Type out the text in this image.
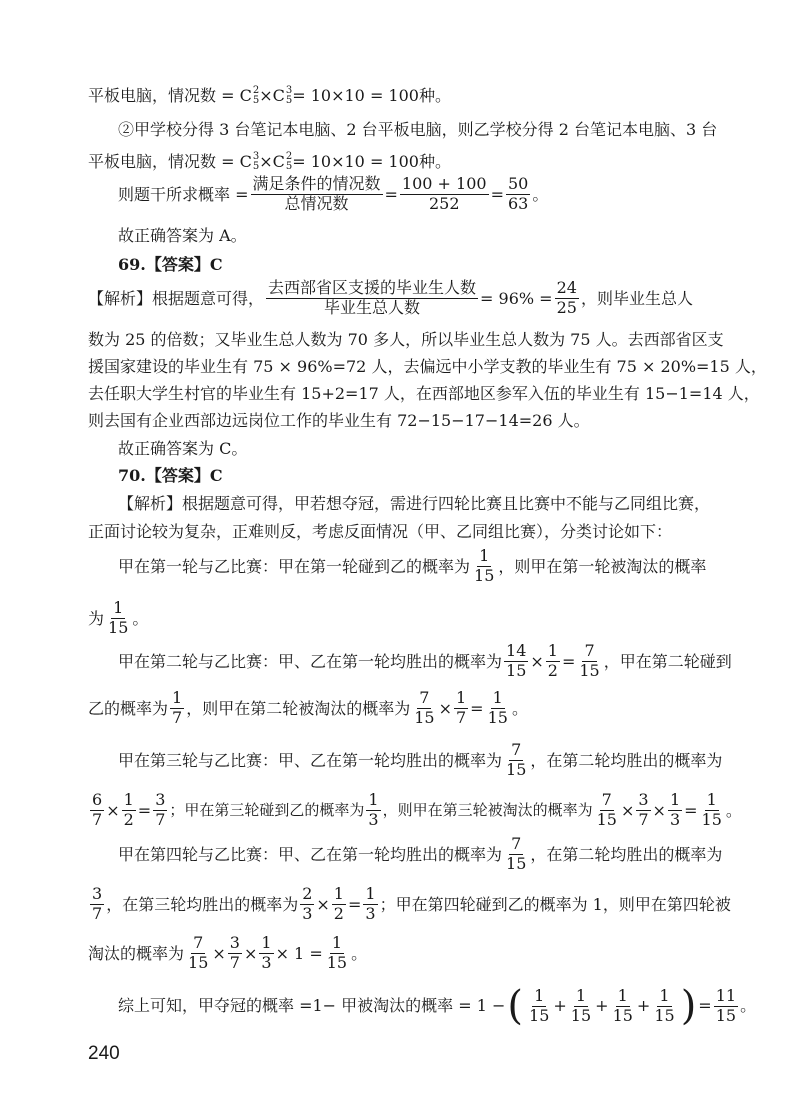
平板电脑，情况数 = C 2
5 ×C 3
5 = 10×10 = 100种。
②甲学校分得 3 台笔记本电脑、2 台平板电脑，则乙学校分得 2 台笔记本电脑、3 台
平板电脑，情况数 = C 3
5 ×C 2
5 = 10×10 = 100种。
则题干所求概率 = $\frac{\text{满足条件的情况数}}{\text{总情况数}} = \frac{100 + 100}{252} = \frac{50}{63}$ 。
故正确答案为 A。
69.【答案】C
【解析】根据题意可得， $\frac{\text{去西部省区支援的毕业生人数}}{\text{毕业生总人数}} = 96\% = \frac{24}{25}$ ，则毕业生总人
数为 25 的倍数；又毕业生总人数为 70 多人，所以毕业生总人数为 75 人。去西部省区支
援国家建设的毕业生有 75 × 96%=72 人，去偏远中小学支教的毕业生有 75 × 20%=15 人，
去任职大学生村官的毕业生有 15+2=17 人，在西部地区参军入伍的毕业生有 15−1=14 人，
则去国有企业西部边远岗位工作的毕业生有 72−15−17−14=26 人。
故正确答案为 C。
70.【答案】C
【解析】根据题意可得，甲若想夺冠，需进行四轮比赛且比赛中不能与乙同组比赛，
正面讨论较为复杂，正难则反，考虑反面情况（甲、乙同组比赛），分类讨论如下：
甲在第一轮与乙比赛：甲在第一轮碰到乙的概率为 $\frac{1}{15}$ ，则甲在第一轮被淘汰的概率
为 $\frac{1}{15}$ 。
甲在第二轮与乙比赛：甲、乙在第一轮均胜出的概率为 $\frac{14}{15} \times \frac{1}{2} = \frac{7}{15}$ ，甲在第二轮碰到
乙的概率为 $\frac{1}{7}$ ，则甲在第二轮被淘汰的概率为 $\frac{7}{15} \times \frac{1}{7} = \frac{1}{15}$ 。
甲在第三轮与乙比赛：甲、乙在第一轮均胜出的概率为 $\frac{7}{15}$ ，在第二轮均胜出的概率为
$\frac{6}{7} \times \frac{1}{2} = \frac{3}{7}$ ；甲在第三轮碰到乙的概率为 $\frac{1}{3}$ ，则甲在第三轮被淘汰的概率为 $\frac{7}{15} \times \frac{3}{7} \times \frac{1}{3} = \frac{1}{15}$ 。
甲在第四轮与乙比赛：甲、乙在第一轮均胜出的概率为 $\frac{7}{15}$ ，在第二轮均胜出的概率为
$\frac{3}{7}$ ，在第三轮均胜出的概率为 $\frac{2}{3} \times \frac{1}{2} = \frac{1}{3}$ ；甲在第四轮碰到乙的概率为 1，则甲在第四轮被
淘汰的概率为 $\frac{7}{15} \times \frac{3}{7} \times \frac{1}{3} \times 1 = \frac{1}{15}$ 。
综上可知，甲夺冠的概率 =1− 甲被淘汰的概率 = 1 − ( $\frac{1}{15} + \frac{1}{15} + \frac{1}{15} + \frac{1}{15}$ ) = $\frac{11}{15}$ 。
240
